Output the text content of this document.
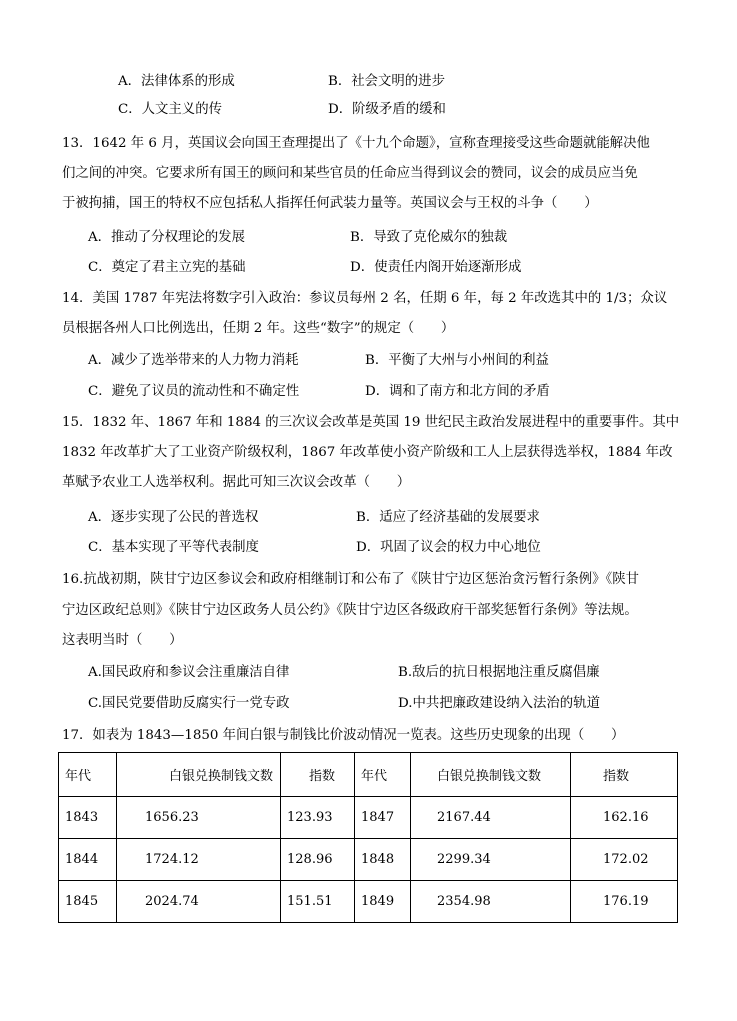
A．法律体系的形成	B．社会文明的进步
C．人文主义的传	D．阶级矛盾的缓和
13．1642 年 6 月，英国议会向国王查理提出了《十九个命题》，宣称查理接受这些命题就能解决他
们之间的冲突。它要求所有国王的顾问和某些官员的任命应当得到议会的赞同，议会的成员应当免
于被拘捕，国王的特权不应包括私人指挥任何武装力量等。英国议会与王权的斗争（　　）
A．推动了分权理论的发展	B．导致了克伦威尔的独裁
C．奠定了君主立宪的基础	D．使责任内阁开始逐渐形成
14．美国 1787 年宪法将数字引入政治：参议员每州 2 名，任期 6 年，每 2 年改选其中的 1/3；众议
员根据各州人口比例选出，任期 2 年。这些“数字”的规定（　　）
A．减少了选举带来的人力物力消耗	B．平衡了大州与小州间的利益
C．避免了议员的流动性和不确定性	D．调和了南方和北方间的矛盾
15．1832 年、1867 年和 1884 的三次议会改革是英国 19 世纪民主政治发展进程中的重要事件。其中
1832 年改革扩大了工业资产阶级权利，1867 年改革使小资产阶级和工人上层获得选举权，1884 年改
革赋予农业工人选举权利。据此可知三次议会改革（　　）
A．逐步实现了公民的普选权	B．适应了经济基础的发展要求
C．基本实现了平等代表制度	D．巩固了议会的权力中心地位
16.抗战初期，陕甘宁边区参议会和政府相继制订和公布了《陕甘宁边区惩治贪污暂行条例》《陕甘
宁边区政纪总则》《陕甘宁边区政务人员公约》《陕甘宁边区各级政府干部奖惩暂行条例》等法规。
这表明当时（　　）
A.国民政府和参议会注重廉洁自律	B.敌后的抗日根据地注重反腐倡廉
C.国民党要借助反腐实行一党专政	D.中共把廉政建设纳入法治的轨道
17．如表为 1843—1850 年间白银与制钱比价波动情况一览表。这些历史现象的出现（　　）
年代	白银兑换制钱文数	指数	年代	白银兑换制钱文数	指数
1843	1656.23	123.93	1847	2167.44	162.16
1844	1724.12	128.96	1848	2299.34	172.02
1845	2024.74	151.51	1849	2354.98	176.19
